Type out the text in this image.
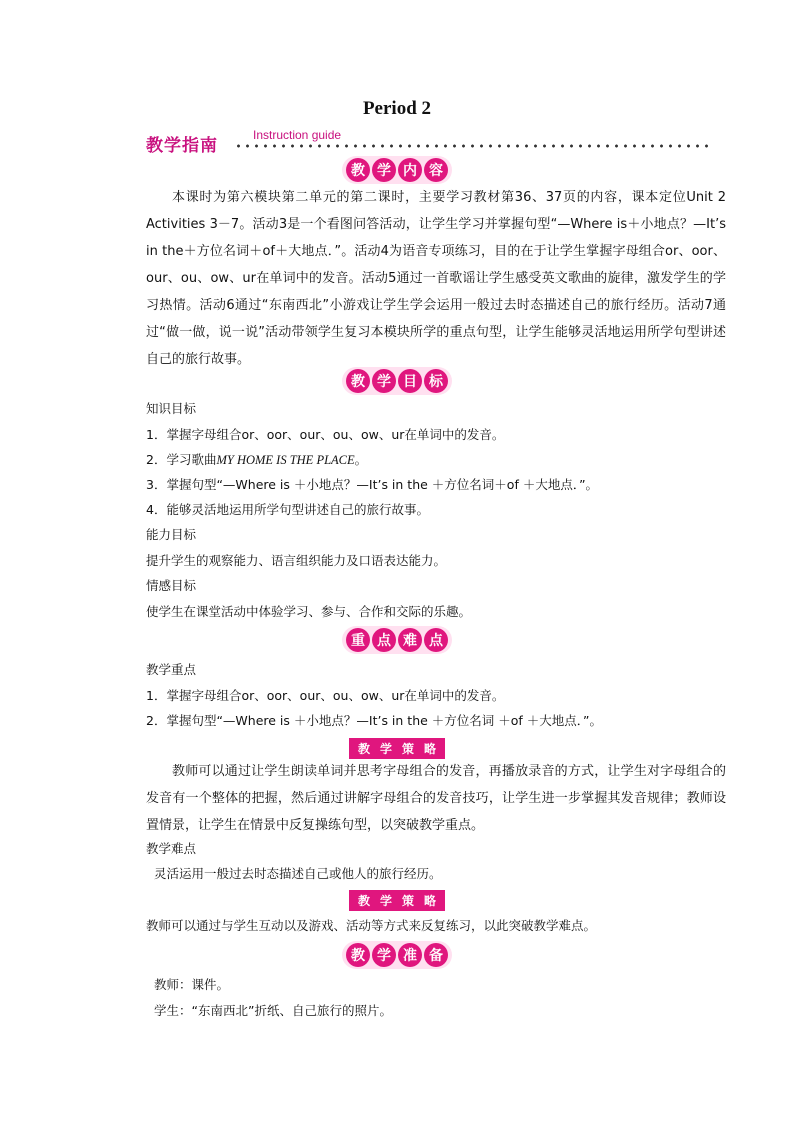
Period 2
教学指南
Instruction guide
教 学 内 容
本课时为第六模块第二单元的第二课时，主要学习教材第36、37页的内容，课本定位Unit 2 Activities 3－7。活动3是一个看图问答活动，让学生学习并掌握句型“—Where is＋小地点？—It’s in the＋方位名词＋of＋大地点．”。活动4为语音专项练习，目的在于让学生掌握字母组合or、oor、our、ou、ow、ur在单词中的发音。活动5通过一首歌谣让学生感受英文歌曲的旋律，激发学生的学习热情。活动6通过“东南西北”小游戏让学生学会运用一般过去时态描述自己的旅行经历。活动7通过“做一做，说一说”活动带领学生复习本模块所学的重点句型，让学生能够灵活地运用所学句型讲述自己的旅行故事。
教 学 目 标
知识目标
1．掌握字母组合or、oor、our、ou、ow、ur在单词中的发音。
2．学习歌曲MY HOME IS THE PLACE。
3．掌握句型“—Where is ＋小地点？—It’s in the ＋方位名词＋of ＋大地点．”。
4．能够灵活地运用所学句型讲述自己的旅行故事。
能力目标
提升学生的观察能力、语言组织能力及口语表达能力。
情感目标
使学生在课堂活动中体验学习、参与、合作和交际的乐趣。
重 点 难 点
教学重点
1．掌握字母组合or、oor、our、ou、ow、ur在单词中的发音。
2．掌握句型“—Where is ＋小地点？—It’s in the ＋方位名词 ＋of ＋大地点．”。
教 学 策 略
教师可以通过让学生朗读单词并思考字母组合的发音，再播放录音的方式，让学生对字母组合的发音有一个整体的把握，然后通过讲解字母组合的发音技巧，让学生进一步掌握其发音规律；教师设置情景，让学生在情景中反复操练句型，以突破教学重点。
教学难点
灵活运用一般过去时态描述自己或他人的旅行经历。
教 学 策 略
教师可以通过与学生互动以及游戏、活动等方式来反复练习，以此突破教学难点。
教 学 准 备
教师：课件。
学生：“东南西北”折纸、自己旅行的照片。
